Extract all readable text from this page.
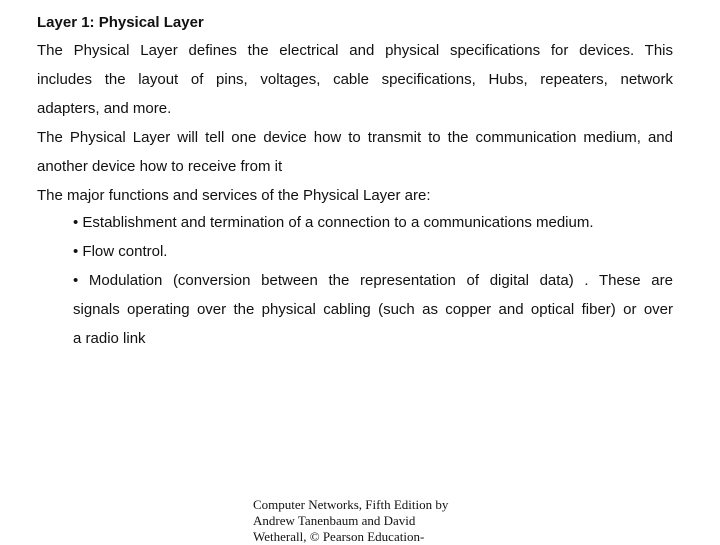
Layer 1: Physical Layer
The Physical Layer defines the electrical and physical specifications for devices. This
includes the layout of pins, voltages, cable specifications, Hubs, repeaters, network
adapters, and more.
The Physical Layer will tell one device how to transmit to the communication medium, and
another device how to receive from it
The major functions and services of the Physical Layer are:
• Establishment and termination of a connection to a communications medium.
• Flow control.
• Modulation (conversion between the representation of digital data) . These are
signals operating over the physical cabling (such as copper and optical fiber) or over
a radio link
Computer Networks, Fifth Edition by
Andrew Tanenbaum and David
Wetherall, © Pearson Education-
